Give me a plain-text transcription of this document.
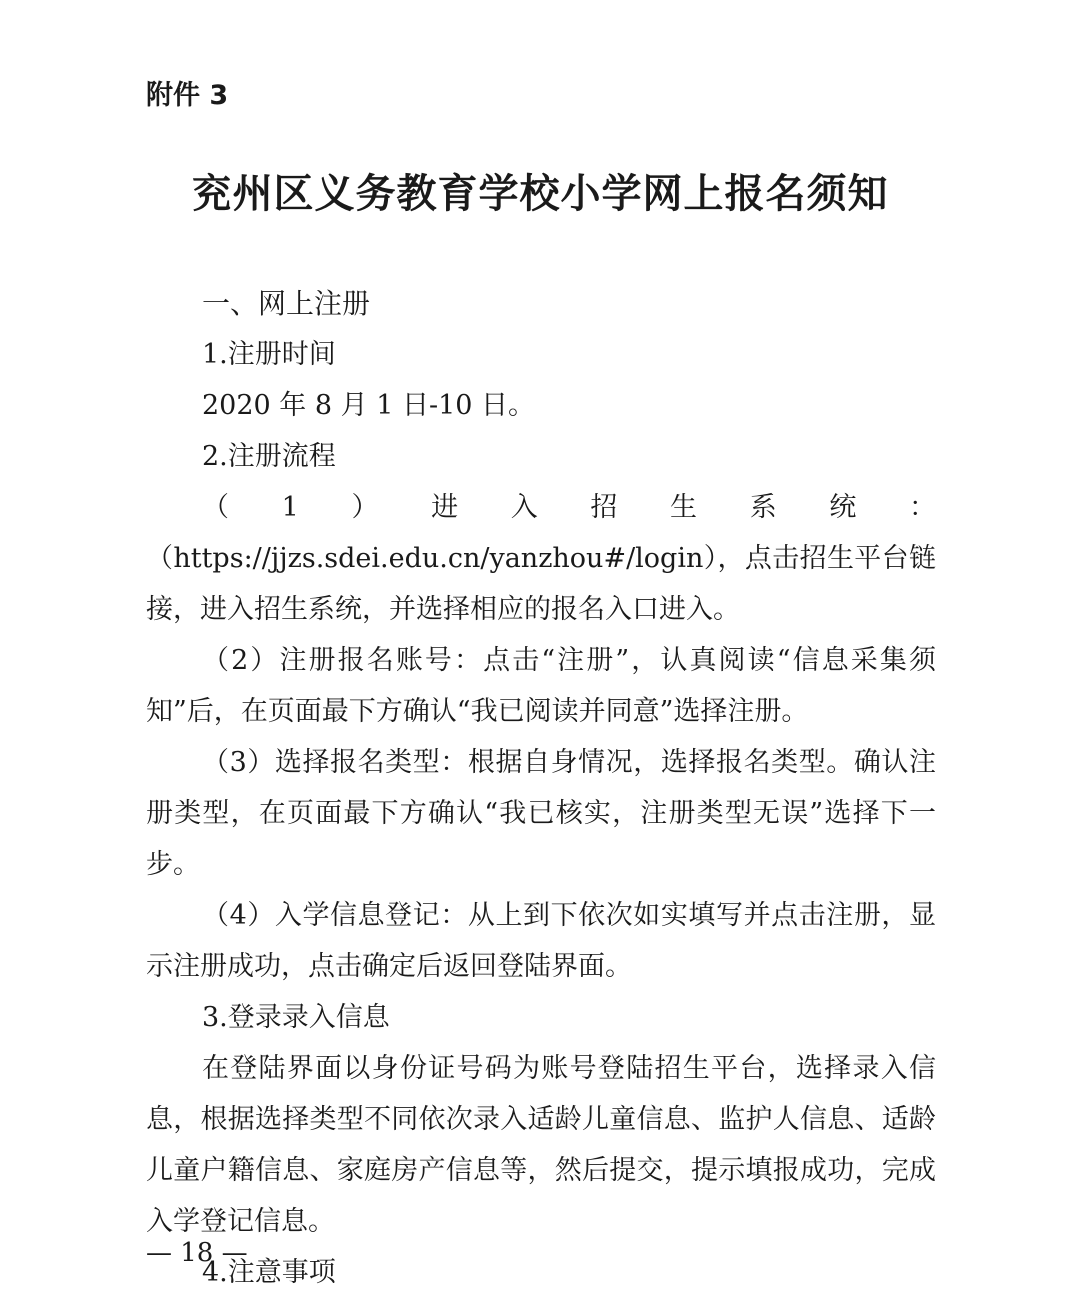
附件 3
兖州区义务教育学校小学网上报名须知

一、网上注册

1.注册时间

2020 年 8 月 1 日-10 日。

2.注册流程

（1）进入招生系统：（https://jjzs.sdei.edu.cn/yanzhou#/login），点击招生平台链接，进入招生系统，并选择相应的报名入口进入。

（2）注册报名账号：点击“注册”，认真阅读“信息采集须知”后，在页面最下方确认“我已阅读并同意”选择注册。

（3）选择报名类型：根据自身情况，选择报名类型。确认注册类型，在页面最下方确认“我已核实，注册类型无误”选择下一步。

（4）入学信息登记：从上到下依次如实填写并点击注册，显示注册成功，点击确定后返回登陆界面。

3.登录录入信息

在登陆界面以身份证号码为账号登陆招生平台，选择录入信息，根据选择类型不同依次录入适龄儿童信息、监护人信息、适龄儿童户籍信息、家庭房产信息等，然后提交，提示填报成功，完成入学登记信息。

4.注意事项

— 18 —
